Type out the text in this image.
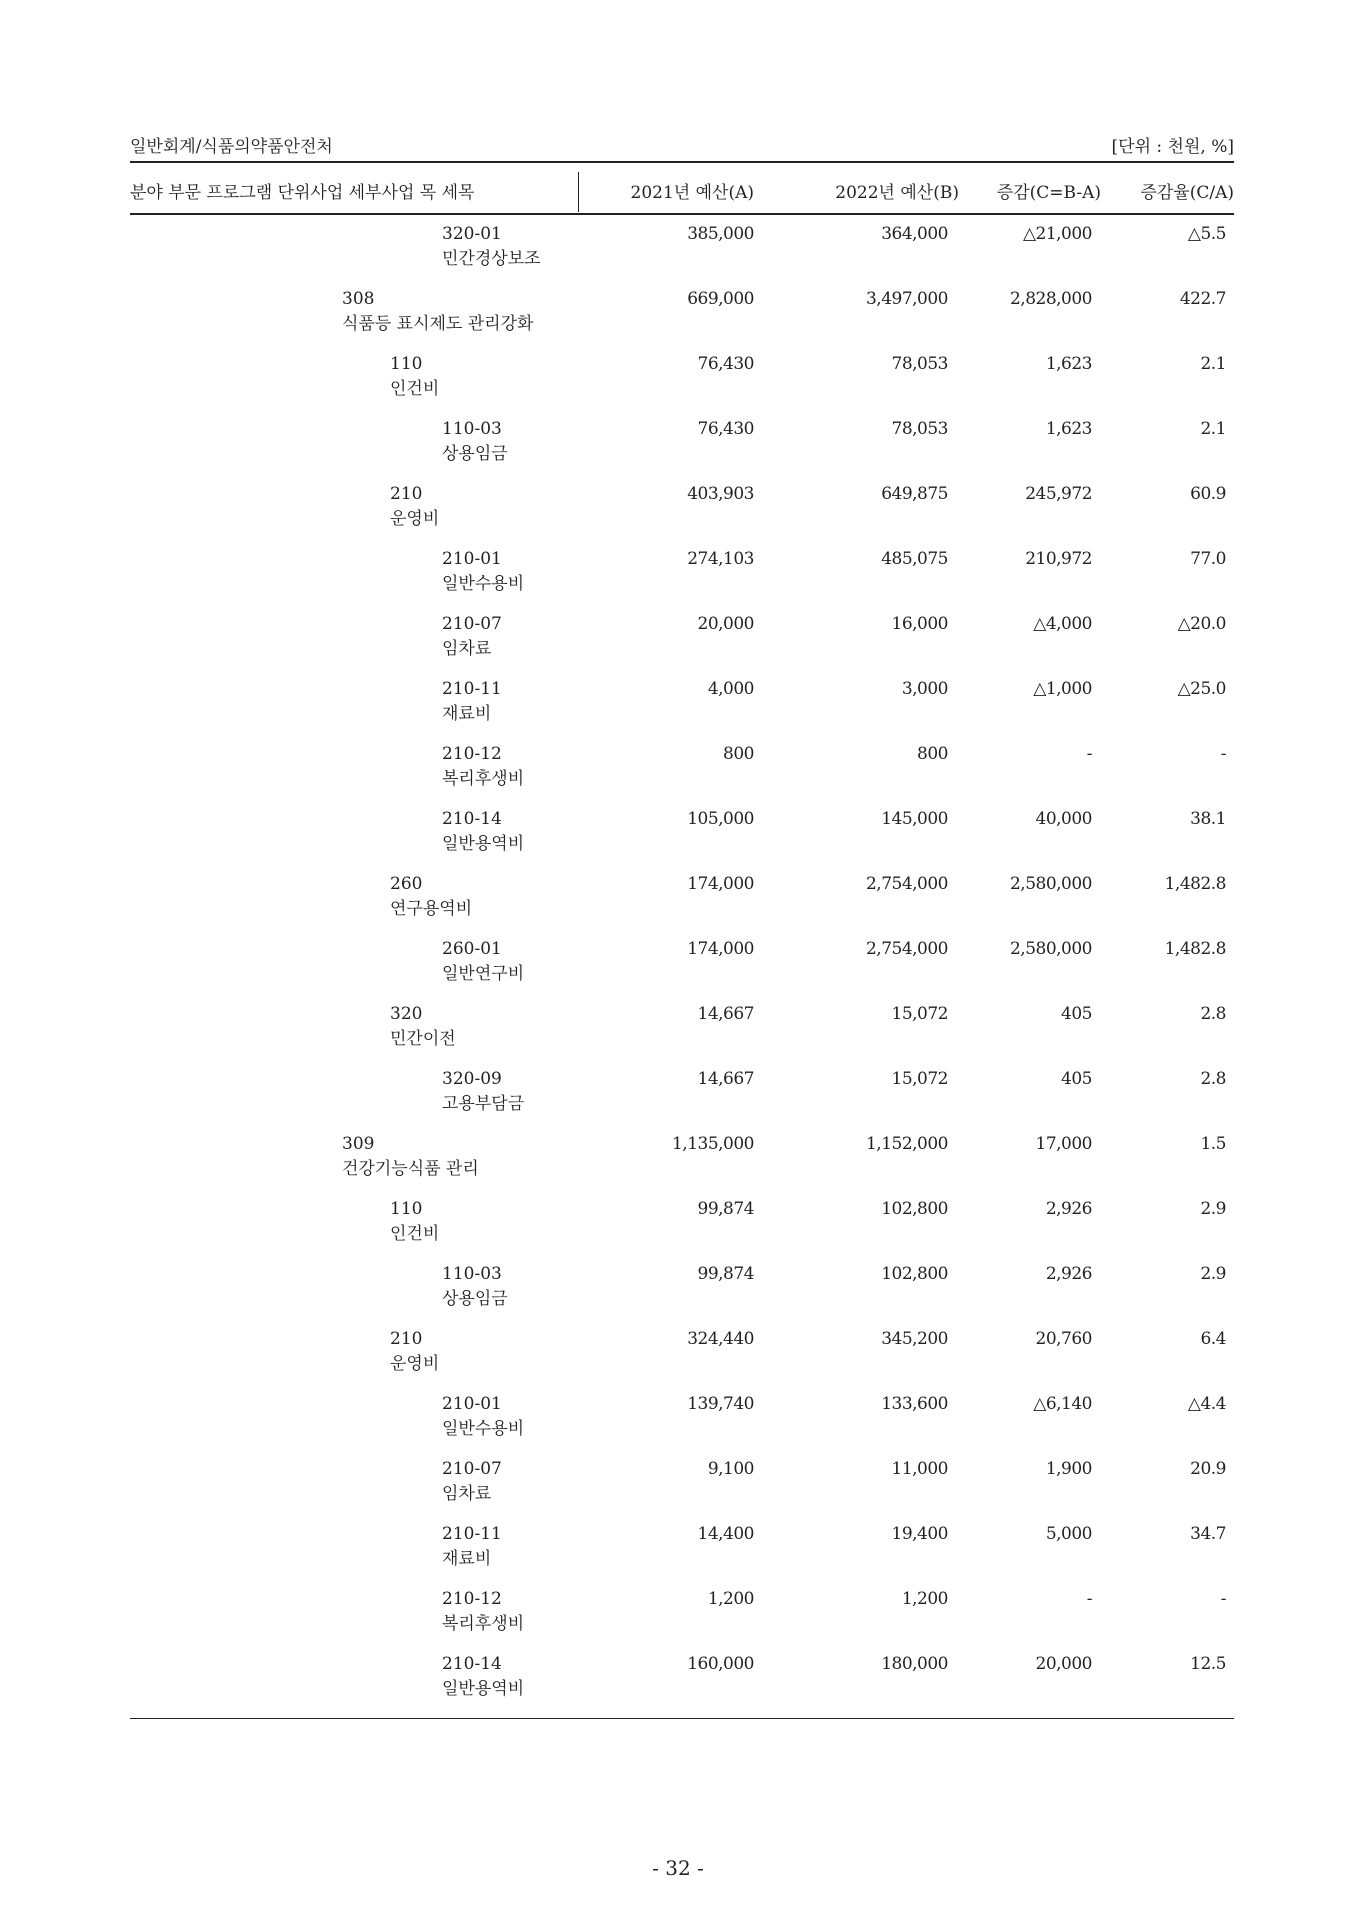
일반회계/식품의약품안전처	[단위 : 천원, %]
분야 부문 프로그램 단위사업 세부사업 목 세목	2021년 예산(A)	2022년 예산(B) 증감(C=B-A) 증감율(C/A)
320-01
민간경상보조
385,000	364,000	△21,000	△5.5
308
식품등 표시제도 관리강화
669,000	3,497,000	2,828,000	422.7
110
인건비
76,430	78,053	1,623	2.1
110-03
상용임금
76,430	78,053	1,623	2.1
210
운영비
403,903	649,875	245,972	60.9
210-01
일반수용비
274,103	485,075	210,972	77.0
210-07
임차료
20,000	16,000	△4,000	△20.0
210-11
재료비
4,000	3,000	△1,000	△25.0
210-12
복리후생비
800	800	-	-
210-14
일반용역비
105,000	145,000	40,000	38.1
260
연구용역비
174,000	2,754,000	2,580,000	1,482.8
260-01
일반연구비
174,000	2,754,000	2,580,000	1,482.8
320
민간이전
14,667	15,072	405	2.8
320-09
고용부담금
14,667	15,072	405	2.8
309
건강기능식품 관리
1,135,000	1,152,000	17,000	1.5
110
인건비
99,874	102,800	2,926	2.9
110-03
상용임금
99,874	102,800	2,926	2.9
210
운영비
324,440	345,200	20,760	6.4
210-01
일반수용비
139,740	133,600	△6,140	△4.4
210-07
임차료
9,100	11,000	1,900	20.9
210-11
재료비
14,400	19,400	5,000	34.7
210-12
복리후생비
1,200	1,200	-	-
210-14
일반용역비
160,000	180,000	20,000	12.5
- 32 -
